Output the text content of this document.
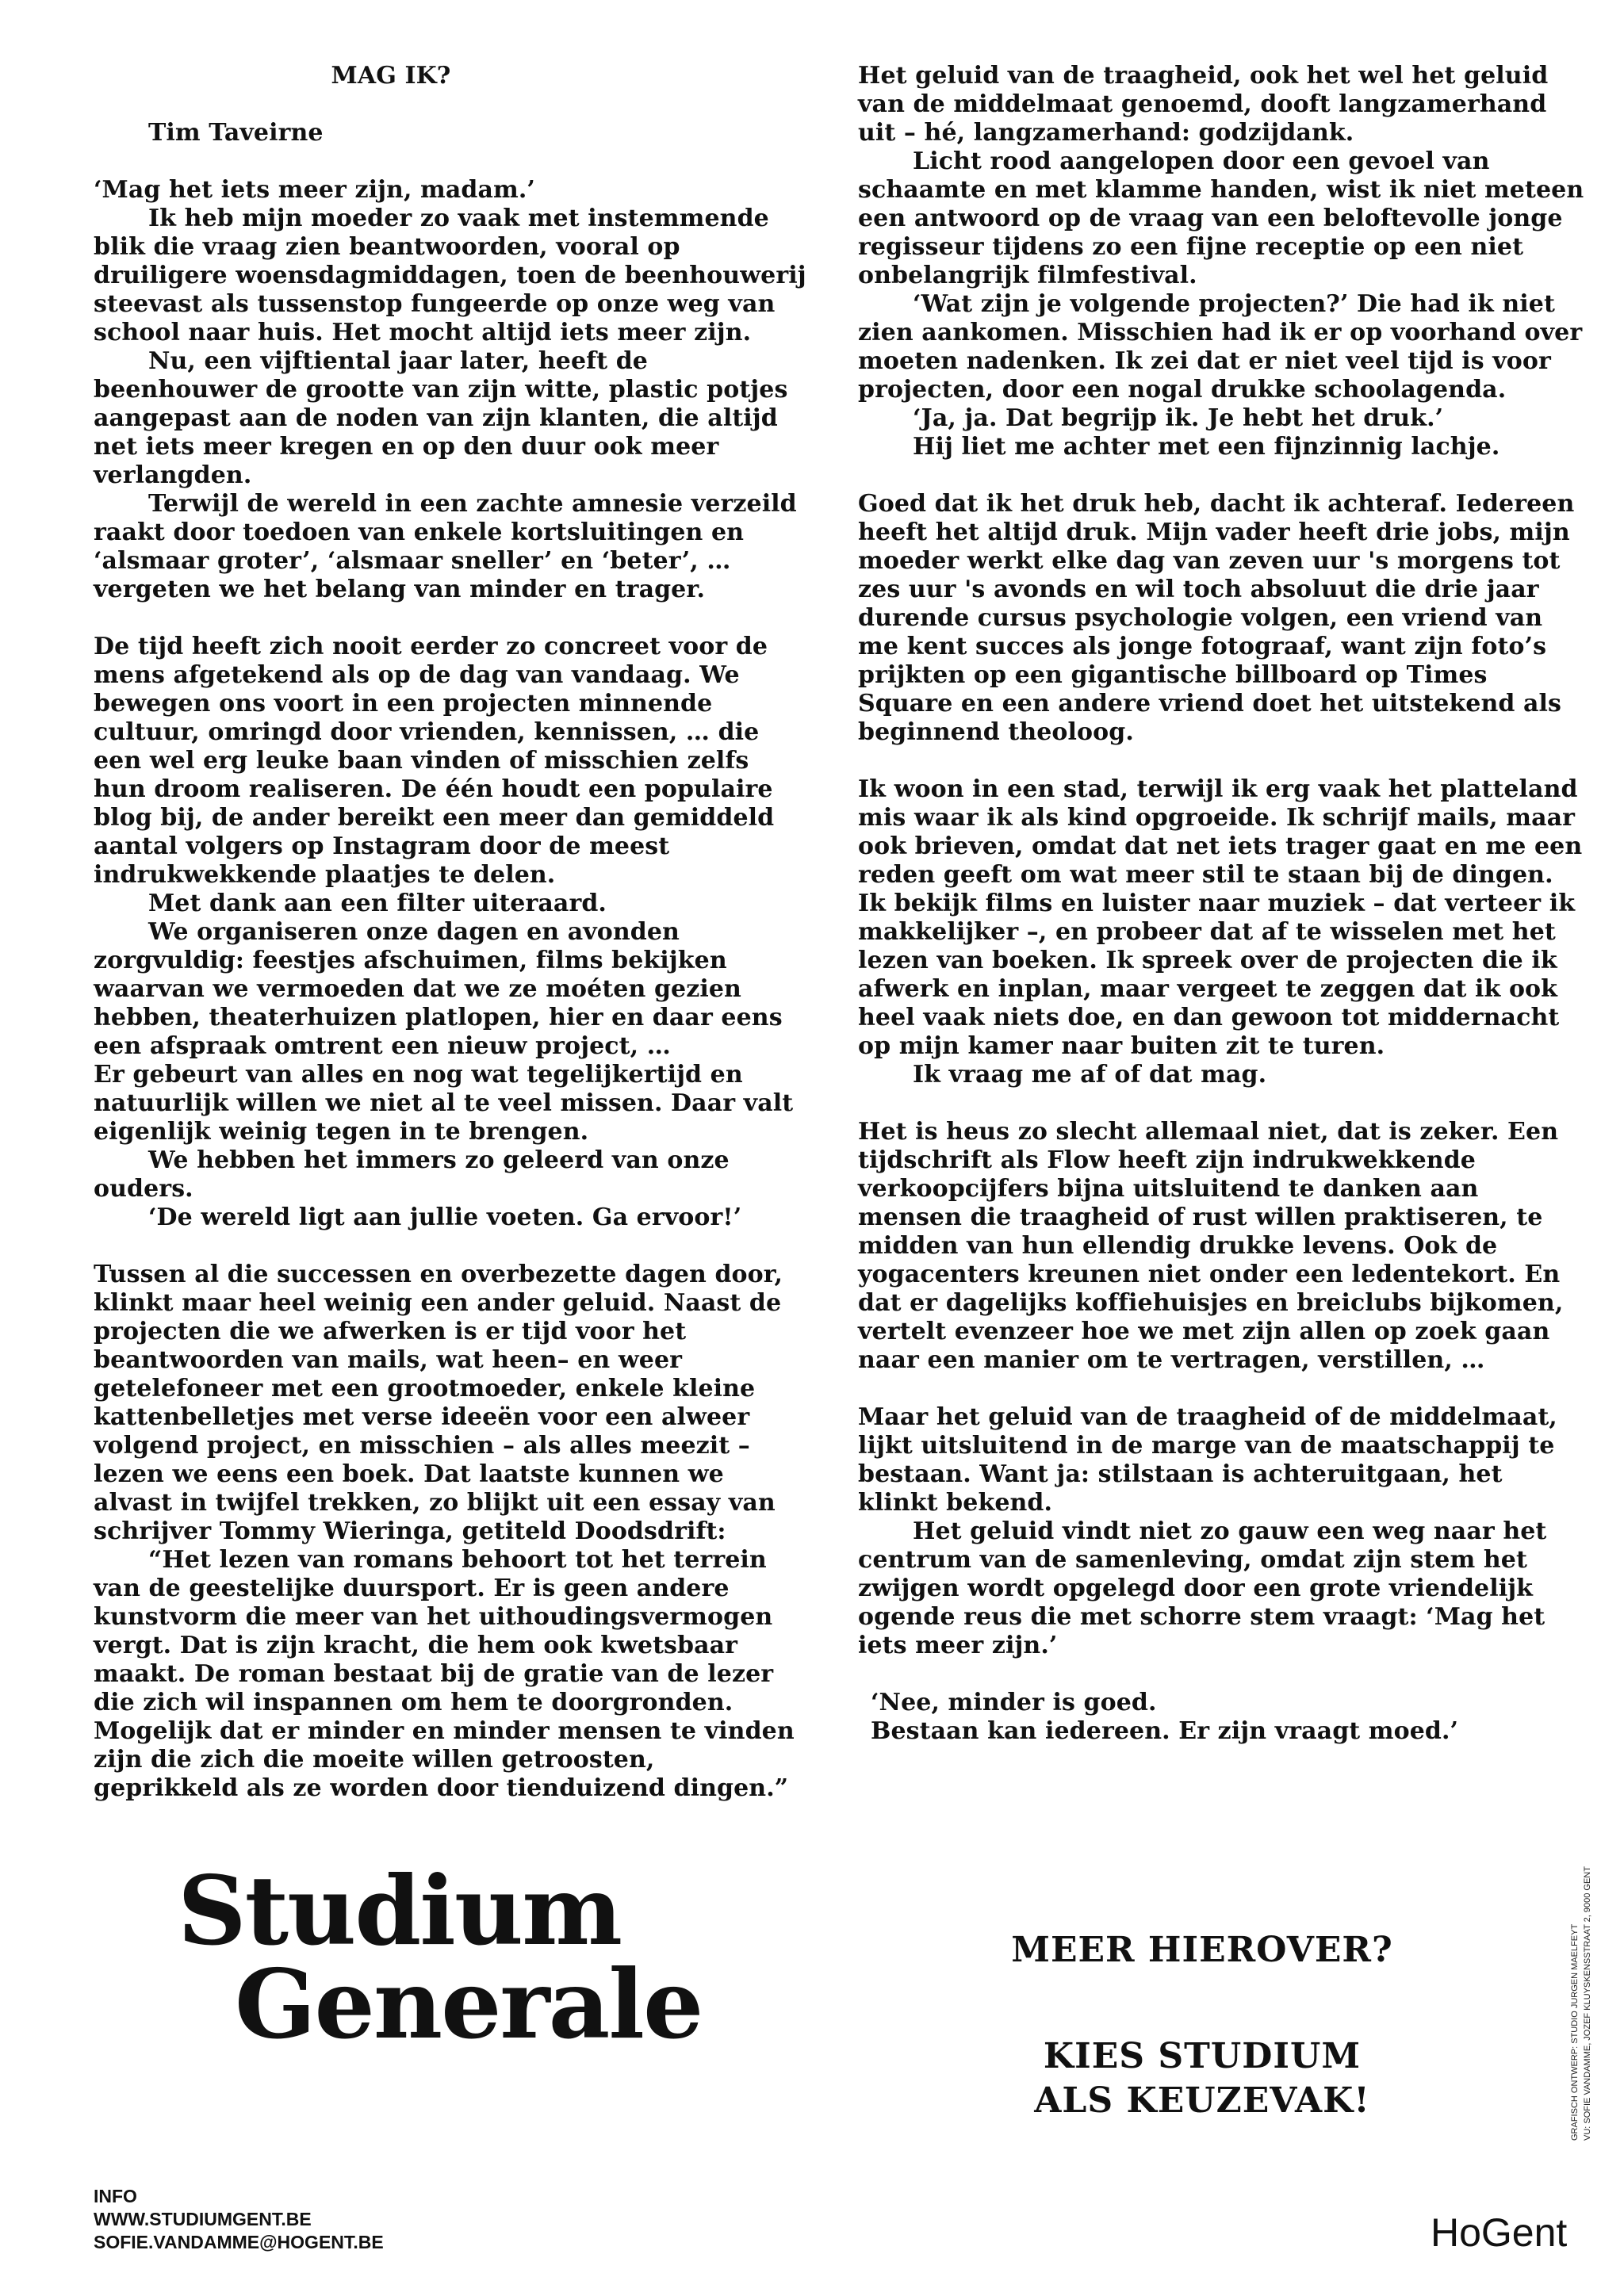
MAG IK?

Tim Taveirne

‘Mag het iets meer zijn, madam.’

Ik heb mijn moeder zo vaak met instemmende blik die vraag zien beantwoorden, vooral op druiligere woensdagmiddagen, toen de beenhouwerij steevast als tussenstop fungeerde op onze weg van school naar huis. Het mocht altijd iets meer zijn.

Nu, een vijftiental jaar later, heeft de beenhouwer de grootte van zijn witte, plastic potjes aangepast aan de noden van zijn klanten, die altijd net iets meer kregen en op den duur ook meer verlangden.

Terwijl de wereld in een zachte amnesie verzeild raakt door toedoen van enkele kortsluitingen en ‘alsmaar groter’, ‘alsmaar sneller’ en ‘beter’, … vergeten we het belang van minder en trager.

De tijd heeft zich nooit eerder zo concreet voor de mens afgetekend als op de dag van vandaag. We bewegen ons voort in een projecten minnende cultuur, omringd door vrienden, kennissen, … die een wel erg leuke baan vinden of misschien zelfs hun droom realiseren. De één houdt een populaire blog bij, de ander bereikt een meer dan gemiddeld aantal volgers op Instagram door de meest indrukwekkende plaatjes te delen.

Met dank aan een filter uiteraard.

We organiseren onze dagen en avonden zorgvuldig: feestjes afschuimen, films bekijken waarvan we vermoeden dat we ze moéten gezien hebben, theaterhuizen platlopen, hier en daar eens een afspraak omtrent een nieuw project, …

Er gebeurt van alles en nog wat tegelijkertijd en natuurlijk willen we niet al te veel missen. Daar valt eigenlijk weinig tegen in te brengen.

We hebben het immers zo geleerd van onze ouders.

‘De wereld ligt aan jullie voeten. Ga ervoor!’

Tussen al die successen en overbezette dagen door, klinkt maar heel weinig een ander geluid. Naast de projecten die we afwerken is er tijd voor het beantwoorden van mails, wat heen– en weer getelefoneer met een grootmoeder, enkele kleine kattenbelletjes met verse ideeën voor een alweer volgend project, en misschien – als alles meezit – lezen we eens een boek. Dat laatste kunnen we alvast in twijfel trekken, zo blijkt uit een essay van schrijver Tommy Wieringa, getiteld Doodsdrift:

“Het lezen van romans behoort tot het terrein van de geestelijke duursport. Er is geen andere kunstvorm die meer van het uithoudingsvermogen vergt. Dat is zijn kracht, die hem ook kwetsbaar maakt. De roman bestaat bij de gratie van de lezer die zich wil inspannen om hem te doorgronden. Mogelijk dat er minder en minder mensen te vinden zijn die zich die moeite willen getroosten, geprikkeld als ze worden door tienduizend dingen.”

Het geluid van de traagheid, ook het wel het geluid van de middelmaat genoemd, dooft langzamerhand uit – hé, langzamerhand: godzijdank.

Licht rood aangelopen door een gevoel van schaamte en met klamme handen, wist ik niet meteen een antwoord op de vraag van een beloftevolle jonge regisseur tijdens zo een fijne receptie op een niet onbelangrijk filmfestival.

‘Wat zijn je volgende projecten?’ Die had ik niet zien aankomen. Misschien had ik er op voorhand over moeten nadenken. Ik zei dat er niet veel tijd is voor projecten, door een nogal drukke schoolagenda.

‘Ja, ja. Dat begrijp ik. Je hebt het druk.’

Hij liet me achter met een fijnzinnig lachje.

Goed dat ik het druk heb, dacht ik achteraf. Iedereen heeft het altijd druk. Mijn vader heeft drie jobs, mijn moeder werkt elke dag van zeven uur 's morgens tot zes uur 's avonds en wil toch absoluut die drie jaar durende cursus psychologie volgen, een vriend van me kent succes als jonge fotograaf, want zijn foto’s prijkten op een gigantische billboard op Times Square en een andere vriend doet het uitstekend als beginnend theoloog.

Ik woon in een stad, terwijl ik erg vaak het platteland mis waar ik als kind opgroeide. Ik schrijf mails, maar ook brieven, omdat dat net iets trager gaat en me een reden geeft om wat meer stil te staan bij de dingen. Ik bekijk films en luister naar muziek – dat verteer ik makkelijker –, en probeer dat af te wisselen met het lezen van boeken. Ik spreek over de projecten die ik afwerk en inplan, maar vergeet te zeggen dat ik ook heel vaak niets doe, en dan gewoon tot middernacht op mijn kamer naar buiten zit te turen.

Ik vraag me af of dat mag.

Het is heus zo slecht allemaal niet, dat is zeker. Een tijdschrift als Flow heeft zijn indrukwekkende verkoopcijfers bijna uitsluitend te danken aan mensen die traagheid of rust willen praktiseren, te midden van hun ellendig drukke levens. Ook de yogacenters kreunen niet onder een ledentekort. En dat er dagelijks koffiehuisjes en breiclubs bijkomen, vertelt evenzeer hoe we met zijn allen op zoek gaan naar een manier om te vertragen, verstillen, …

Maar het geluid van de traagheid of de middelmaat, lijkt uitsluitend in de marge van de maatschappij te bestaan. Want ja: stilstaan is achteruitgaan, het klinkt bekend.

Het geluid vindt niet zo gauw een weg naar het centrum van de samenleving, omdat zijn stem het zwijgen wordt opgelegd door een grote vriendelijk ogende reus die met schorre stem vraagt: ‘Mag het iets meer zijn.’

‘Nee, minder is goed.

Bestaan kan iedereen. Er zijn vraagt moed.’

Studium
Generale	MEER HIEROVER?
KIES STUDIUM
ALS KEUZEVAK!
INFO
WWW.STUDIUMGENT.BE
SOFIE.VANDAMME@HOGENT.BE
GRAFISCH ONTWERP: STUDIO JURGEN MAELFEYT VU: SOFIE VANDAMME, JOZEF KLUYSKENSSTRAAT 2, 9000 GENT
HoGent
